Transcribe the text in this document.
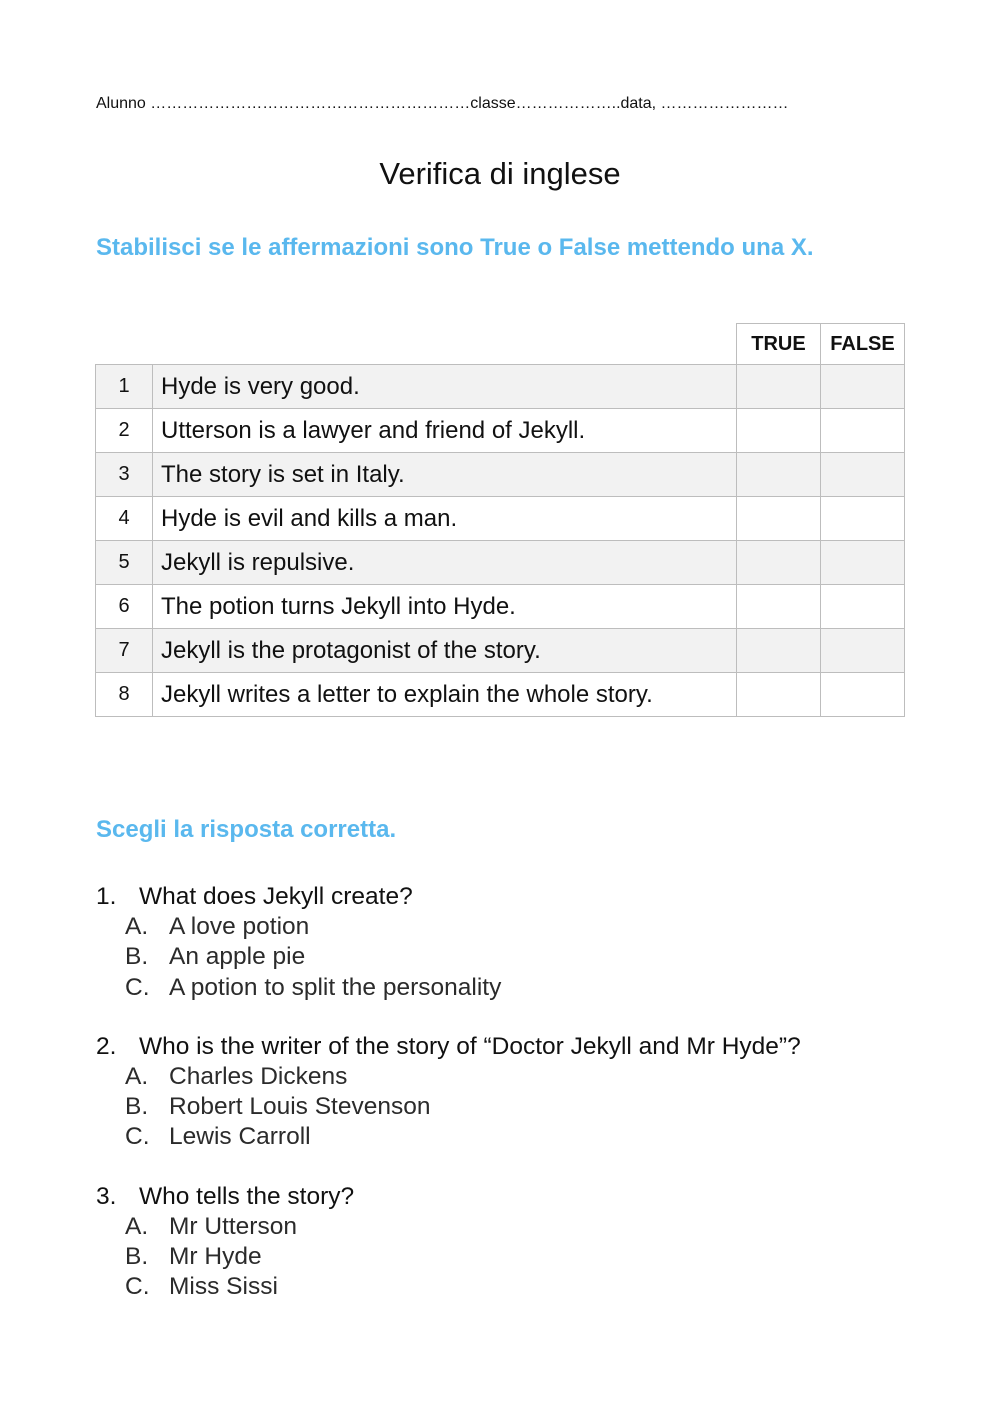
Alunno ……………………………………………………classe………………..data, ……………………
Verifica di inglese
Stabilisci se le affermazioni sono True o False mettendo una X.
		TRUE	FALSE
1	Hyde is very good.		
2	Utterson is a lawyer and friend of Jekyll.		
3	The story is set in Italy.		
4	Hyde is evil and kills a man.		
5	Jekyll is repulsive.		
6	The potion turns Jekyll into Hyde.		
7	Jekyll is the protagonist of the story.		
8	Jekyll writes a letter to explain the whole story.		
Scegli la risposta corretta.
1. What does Jekyll create?
A. A love potion
B. An apple pie
C. A potion to split the personality
2. Who is the writer of the story of “Doctor Jekyll and Mr Hyde”?
A. Charles Dickens
B. Robert Louis Stevenson
C. Lewis Carroll
3. Who tells the story?
A. Mr Utterson
B. Mr Hyde
C. Miss Sissi
